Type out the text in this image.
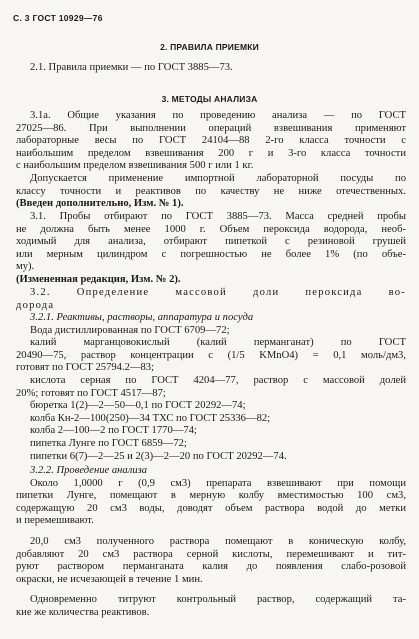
С. 3 ГОСТ 10929—76
2. ПРАВИЛА ПРИЕМКИ
2.1. Правила приемки — по ГОСТ 3885—73.
3. МЕТОДЫ АНАЛИЗА
3.1а. Общие указания по проведению анализа — по ГОСТ
27025—86. При выполнении операций взвешивания применяют
лабораторные весы по ГОСТ 24104—88 2-го класса точности с
наибольшим пределом взвешивания 200 г и 3-го класса точности
с наибольшим пределом взвешивания 500 г или 1 кг.
Допускается применение импортной лабораторной посуды по
классу точности и реактивов по качеству не ниже отечественных.
(Введен дополнительно, Изм. № 1).
3.1. Пробы отбирают по ГОСТ 3885—73. Масса средней пробы
не должна быть менее 1000 г. Объем пероксида водорода, необ-
ходимый для анализа, отбирают пипеткой с резиновой грушей
или мерным цилиндром с погрешностью не более 1% (по объе-
му).
(Измененная редакция, Изм. № 2).
3.2. Определение массовой доли пероксида во-
дорода
3.2.1. Реактивы, растворы, аппаратура и посуда
Вода дистиллированная по ГОСТ 6709—72;
калий марганцовокислый (калий перманганат) по ГОСТ
20490—75, раствор концентрации c (1/5 KMnO4) = 0,1 моль/дм3,
готовят по ГОСТ 25794.2—83;
кислота серная по ГОСТ 4204—77, раствор с массовой долей
20%; готовят по ГОСТ 4517—87;
бюретка 1(2)—2—50—0,1 по ГОСТ 20292—74;
колба Кн-2—100(250)—34 ТХС по ГОСТ 25336—82;
колба 2—100—2 по ГОСТ 1770—74;
пипетка Лунге по ГОСТ 6859—72;
пипетки 6(7)—2—25 и 2(3)—2—20 по ГОСТ 20292—74.
3.2.2. Проведение анализа
Около 1,0000 г (0,9 см3) препарата взвешивают при помощи
пипетки Лунге, помещают в мерную колбу вместимостью 100 см3,
содержащую 20 см3 воды, доводят объем раствора водой до метки
и перемешивают.
20,0 см3 полученного раствора помещают в коническую колбу,
добавляют 20 см3 раствора серной кислоты, перемешивают и тит-
руют раствором перманганата калия до появления слабо-розовой
окраски, не исчезающей в течение 1 мин.
Одновременно титруют контрольный раствор, содержащий та-
кие же количества реактивов.
